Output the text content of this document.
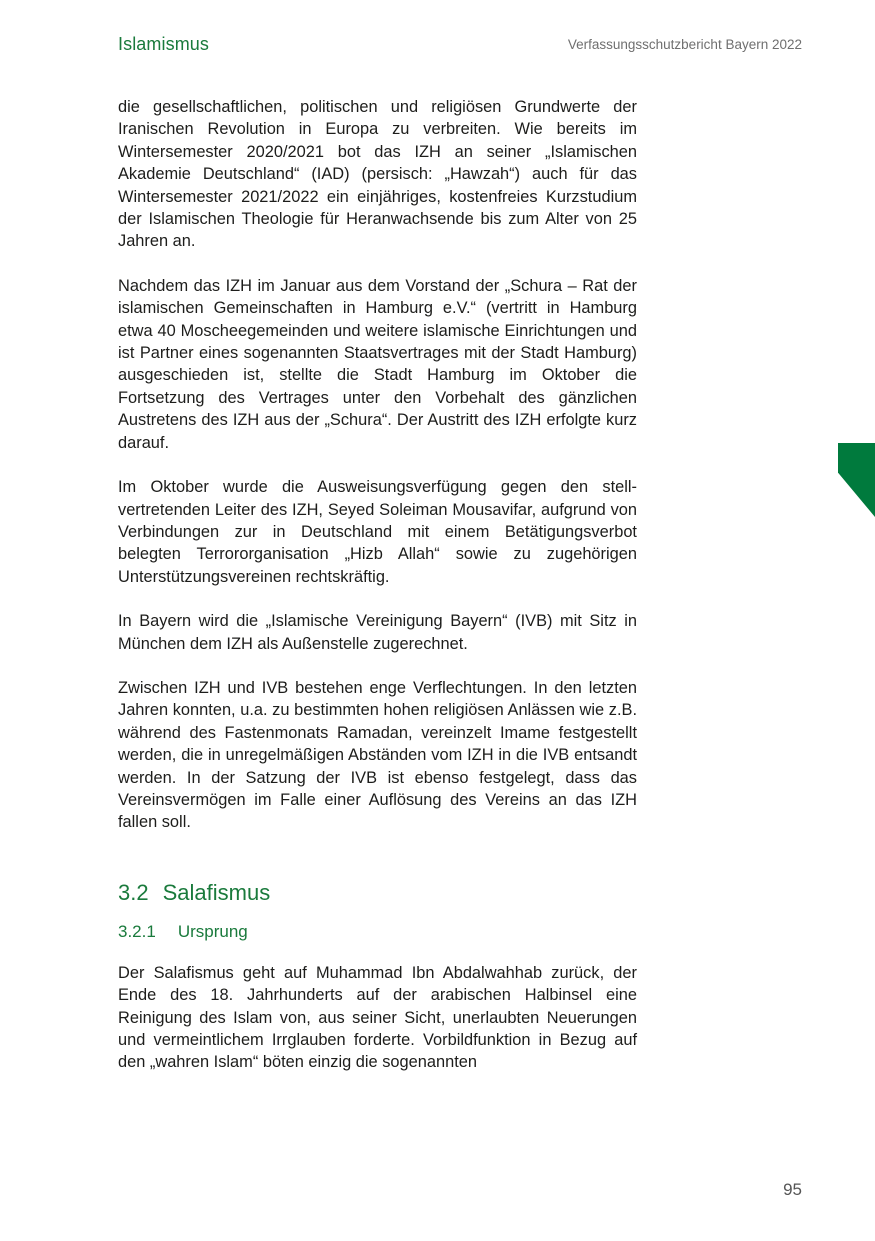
Islamismus	Verfassungsschutzbericht Bayern 2022

die gesellschaftlichen, politischen und religiösen Grundwerte der Iranischen Revolution in Europa zu verbreiten. Wie bereits im Wintersemester 2020/2021 bot das IZH an seiner „Islamischen Akademie Deutschland“ (IAD) (persisch: „Hawzah“) auch für das Wintersemester 2021/2022 ein einjähriges, kostenfreies Kurzstudium der Islamischen Theologie für Heranwachsende bis zum Alter von 25 Jahren an.

Nachdem das IZH im Januar aus dem Vorstand der „Schura – Rat der islamischen Gemeinschaften in Hamburg e.V.“ (vertritt in Hamburg etwa 40 Moscheegemeinden und weitere islamische Einrichtungen und ist Partner eines sogenannten Staatsvertrages mit der Stadt Hamburg) ausgeschieden ist, stellte die Stadt Hamburg im Oktober die Fortsetzung des Vertrages unter den Vorbehalt des gänzlichen Austretens des IZH aus der „Schura“. Der Austritt des IZH erfolgte kurz darauf.

Im Oktober wurde die Ausweisungsverfügung gegen den stellvertretenden Leiter des IZH, Seyed Soleiman Mousavifar, aufgrund von Verbindungen zur in Deutschland mit einem Betätigungsverbot belegten Terrororganisation „Hizb Allah“ sowie zu zugehörigen Unterstützungsvereinen rechtskräftig.

In Bayern wird die „Islamische Vereinigung Bayern“ (IVB) mit Sitz in München dem IZH als Außenstelle zugerechnet.

Zwischen IZH und IVB bestehen enge Verflechtungen. In den letzten Jahren konnten, u.a. zu bestimmten hohen religiösen Anlässen wie z.B. während des Fastenmonats Ramadan, vereinzelt Imame festgestellt werden, die in unregelmäßigen Abständen vom IZH in die IVB entsandt werden. In der Satzung der IVB ist ebenso festgelegt, dass das Vereinsvermögen im Falle einer Auflösung des Vereins an das IZH fallen soll.

3.2 Salafismus
3.2.1 Ursprung

Der Salafismus geht auf Muhammad Ibn Abdalwahhab zurück, der Ende des 18. Jahrhunderts auf der arabischen Halbinsel eine Reinigung des Islam von, aus seiner Sicht, unerlaubten Neuerungen und vermeintlichem Irrglauben forderte. Vorbildfunktion in Bezug auf den „wahren Islam“ böten einzig die sogenannten

95
